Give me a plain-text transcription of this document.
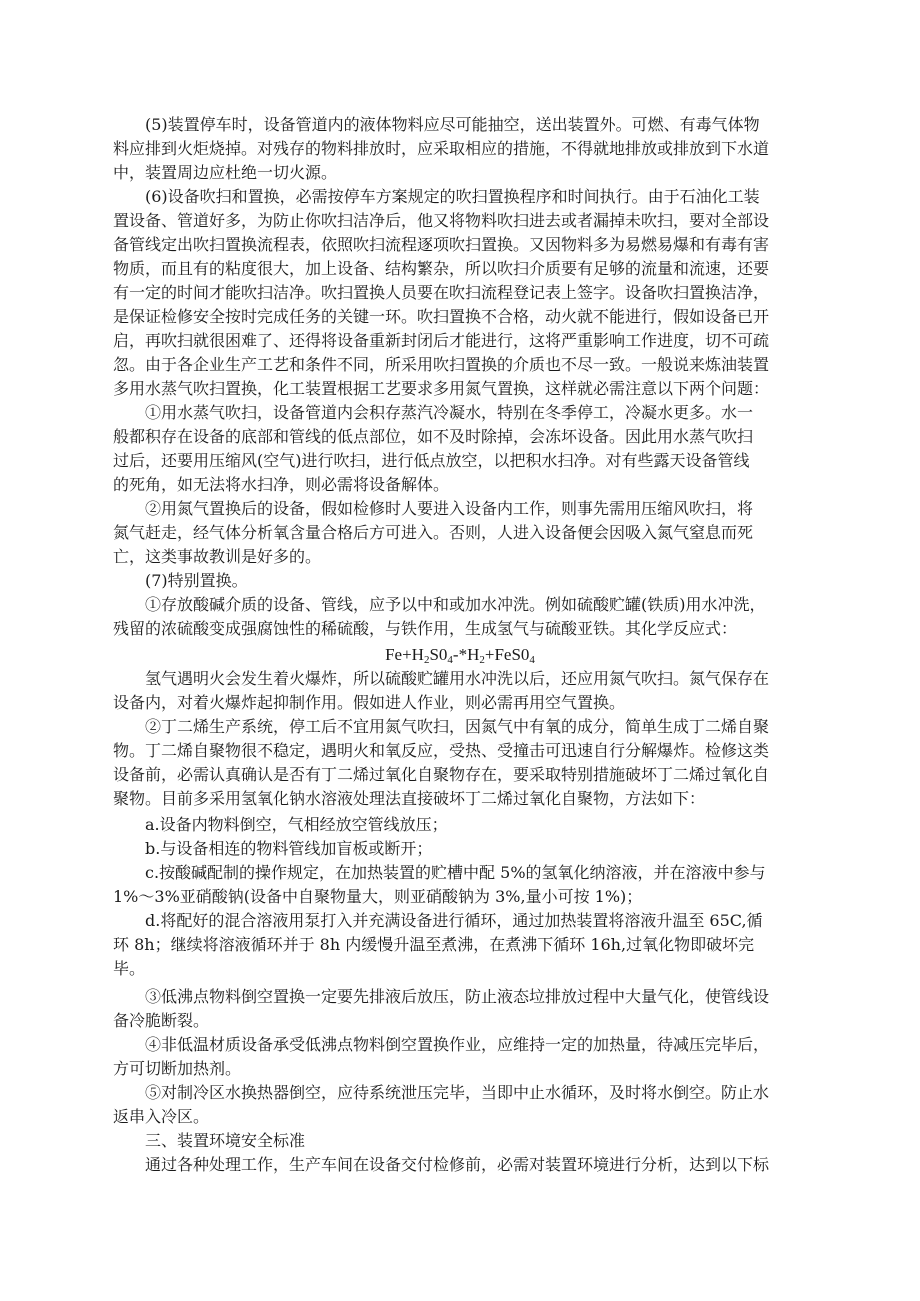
　　(5)装置停车时，设备管道内的液体物料应尽可能抽空，送出装置外。可燃、有毒气体物
料应排到火炬烧掉。对残存的物料排放时，应采取相应的措施，不得就地排放或排放到下水道
中，装置周边应杜绝一切火源。
　　(6)设备吹扫和置换，必需按停车方案规定的吹扫置换程序和时间执行。由于石油化工装
置设备、管道好多，为防止你吹扫洁净后，他又将物料吹扫进去或者漏掉未吹扫，要对全部设
备管线定出吹扫置换流程表，依照吹扫流程逐项吹扫置换。又因物料多为易燃易爆和有毒有害
物质，而且有的粘度很大，加上设备、结构繁杂，所以吹扫介质要有足够的流量和流速，还要
有一定的时间才能吹扫洁净。吹扫置换人员要在吹扫流程登记表上签字。设备吹扫置换洁净，
是保证检修安全按时完成任务的关键一环。吹扫置换不合格，动火就不能进行，假如设备已开
启，再吹扫就很困难了、还得将设备重新封闭后才能进行，这将严重影响工作进度，切不可疏
忽。由于各企业生产工艺和条件不同，所采用吹扫置换的介质也不尽一致。一般说来炼油装置
多用水蒸气吹扫置换，化工装置根据工艺要求多用氮气置换，这样就必需注意以下两个问题：
　　①用水蒸气吹扫，设备管道内会积存蒸汽冷凝水，特别在冬季停工，冷凝水更多。水一
般都积存在设备的底部和管线的低点部位，如不及时除掉，会冻坏设备。因此用水蒸气吹扫
过后，还要用压缩风(空气)进行吹扫，进行低点放空，以把积水扫净。对有些露天设备管线
的死角，如无法将水扫净，则必需将设备解体。
　　②用氮气置换后的设备，假如检修时人要进入设备内工作，则事先需用压缩风吹扫，将
氮气赶走，经气体分析氧含量合格后方可进入。否则，人进入设备便会因吸入氮气窒息而死
亡，这类事故教训是好多的。
　　(7)特别置换。
　　①存放酸碱介质的设备、管线，应予以中和或加水冲洗。例如硫酸贮罐(铁质)用水冲洗，
残留的浓硫酸变成强腐蚀性的稀硫酸，与铁作用，生成氢气与硫酸亚铁。其化学反应式：
$Fe+H_2S0_4-*H_2+FeS0_4$
　　氢气遇明火会发生着火爆炸，所以硫酸贮罐用水冲洗以后，还应用氮气吹扫。氮气保存在
设备内，对着火爆炸起抑制作用。假如进人作业，则必需再用空气置换。
　　②丁二烯生产系统，停工后不宜用氮气吹扫，因氮气中有氧的成分，简单生成丁二烯自聚
物。丁二烯自聚物很不稳定，遇明火和氧反应，受热、受撞击可迅速自行分解爆炸。检修这类
设备前，必需认真确认是否有丁二烯过氧化自聚物存在，要采取特别措施破坏丁二烯过氧化自
聚物。目前多采用氢氧化钠水溶液处理法直接破坏丁二烯过氧化自聚物，方法如下：
　　a.设备内物料倒空，气相经放空管线放压；
　　b.与设备相连的物料管线加盲板或断开；
　　c.按酸碱配制的操作规定，在加热装置的贮槽中配 5%的氢氧化纳溶液，并在溶液中参与
1%～3%亚硝酸钠(设备中自聚物量大，则亚硝酸钠为 3%,量小可按 1%)；
　　d.将配好的混合溶液用泵打入并充满设备进行循环，通过加热装置将溶液升温至 65C,循
环 8h；继续将溶液循环并于 8h 内缓慢升温至煮沸，在煮沸下循环 16h,过氧化物即破坏完
毕。
　　③低沸点物料倒空置换一定要先排液后放压，防止液态垃排放过程中大量气化，使管线设
备冷脆断裂。
　　④非低温材质设备承受低沸点物料倒空置换作业，应维持一定的加热量，待减压完毕后，
方可切断加热剂。
　　⑤对制冷区水换热器倒空，应待系统泄压完毕，当即中止水循环，及时将水倒空。防止水
返串入冷区。
　　三、装置环境安全标准
　　通过各种处理工作，生产车间在设备交付检修前，必需对装置环境进行分析，达到以下标
